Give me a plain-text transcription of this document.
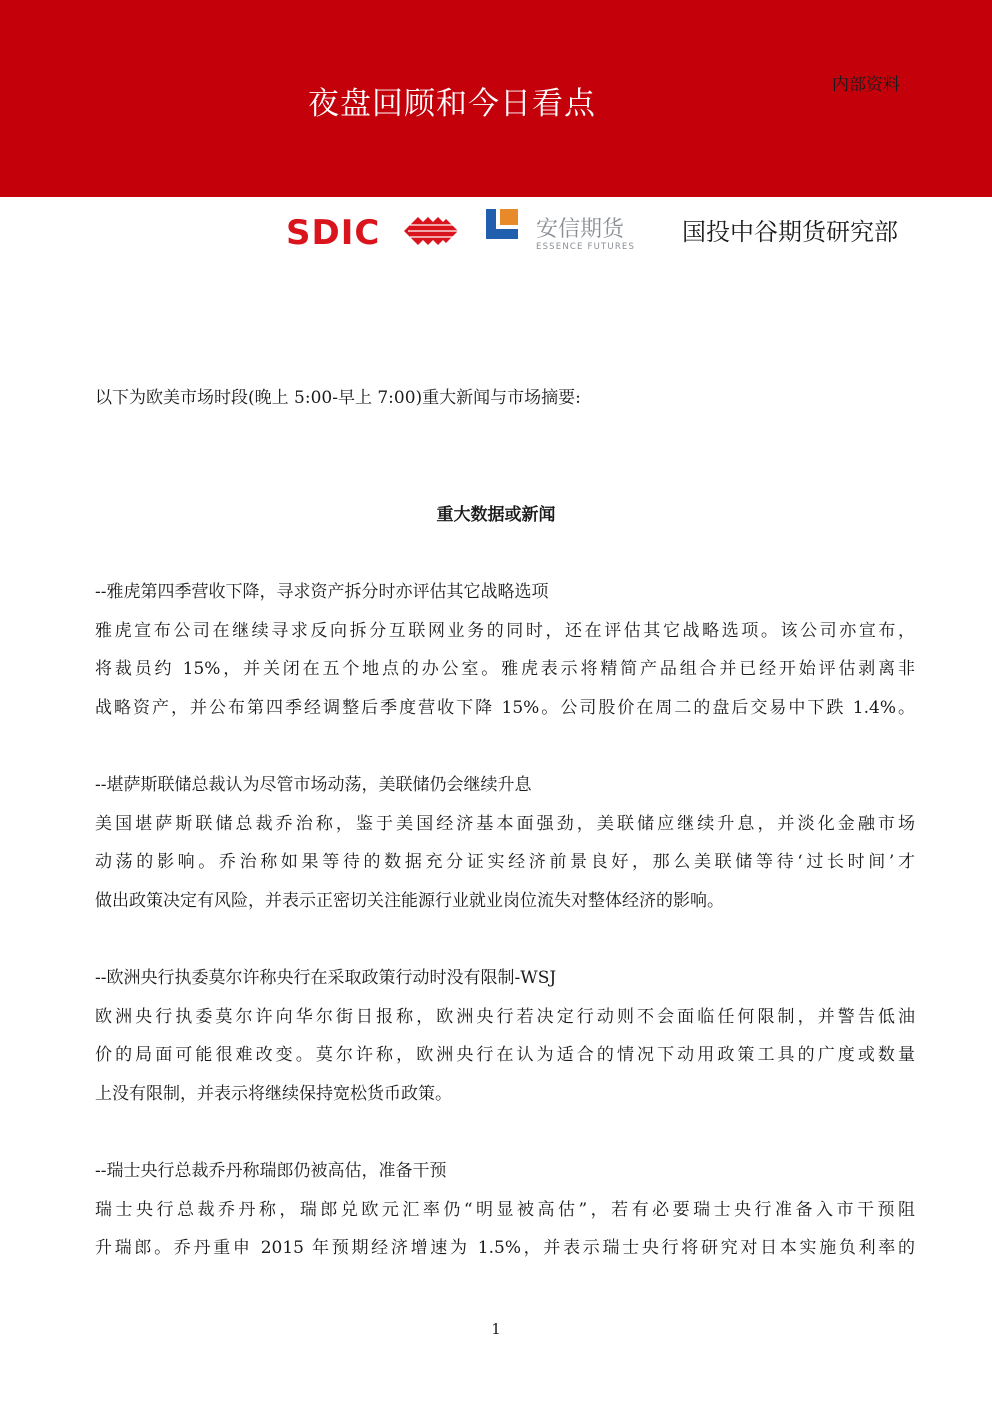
夜盘回顾和今日看点
内部资料
SDIC	安信期货
ESSENCE FUTURES
国投中谷期货研究部
以下为欧美市场时段(晚上 5:00-早上 7:00)重大新闻与市场摘要:
重大数据或新闻
--雅虎第四季营收下降，寻求资产拆分时亦评估其它战略选项
雅虎宣布公司在继续寻求反向拆分互联网业务的同时，还在评估其它战略选项。该公司亦宣布，
将裁员约 15%，并关闭在五个地点的办公室。雅虎表示将精简产品组合并已经开始评估剥离非
战略资产，并公布第四季经调整后季度营收下降 15%。公司股价在周二的盘后交易中下跌 1.4%。
--堪萨斯联储总裁认为尽管市场动荡，美联储仍会继续升息
美国堪萨斯联储总裁乔治称，鉴于美国经济基本面强劲，美联储应继续升息，并淡化金融市场
动荡的影响。乔治称如果等待的数据充分证实经济前景良好，那么美联储等待‘过长时间’才
做出政策决定有风险，并表示正密切关注能源行业就业岗位流失对整体经济的影响。
--欧洲央行执委莫尔许称央行在采取政策行动时没有限制-WSJ
欧洲央行执委莫尔许向华尔街日报称，欧洲央行若决定行动则不会面临任何限制，并警告低油
价的局面可能很难改变。莫尔许称，欧洲央行在认为适合的情况下动用政策工具的广度或数量
上没有限制，并表示将继续保持宽松货币政策。
--瑞士央行总裁乔丹称瑞郎仍被高估，准备干预
瑞士央行总裁乔丹称，瑞郎兑欧元汇率仍“明显被高估”，若有必要瑞士央行准备入市干预阻
升瑞郎。乔丹重申 2015 年预期经济增速为 1.5%，并表示瑞士央行将研究对日本实施负利率的
1
